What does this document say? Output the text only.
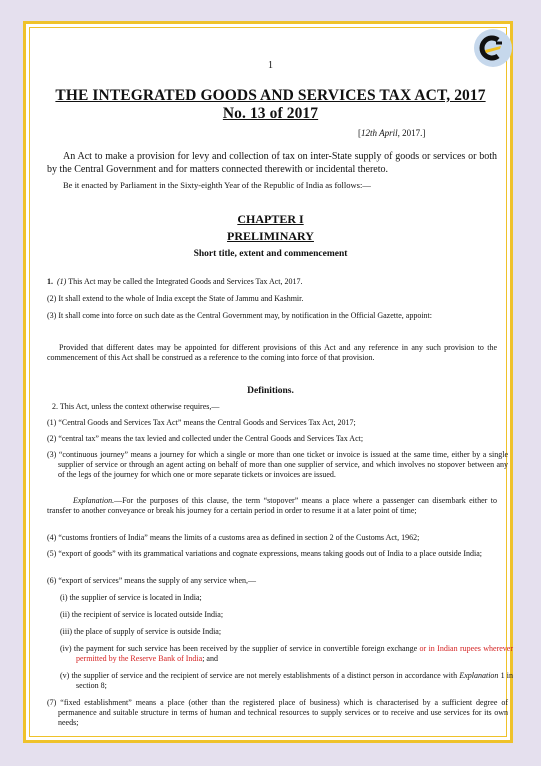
1
THE INTEGRATED GOODS AND SERVICES TAX ACT, 2017
No. 13 of 2017
[12th April, 2017.]
An Act to make a provision for levy and collection of tax on inter-State supply of goods or services or both by the Central Government and for matters connected therewith or incidental thereto.
Be it enacted by Parliament in the Sixty-eighth Year of the Republic of India as follows:—
CHAPTER I
PRELIMINARY
Short title, extent and commencement
1. (1) This Act may be called the Integrated Goods and Services Tax Act, 2017.
(2) It shall extend to the whole of India except the State of Jammu and Kashmir.
(3) It shall come into force on such date as the Central Government may, by notification in the Official Gazette, appoint:
Provided that different dates may be appointed for different provisions of this Act and any reference in any such provision to the commencement of this Act shall be construed as a reference to the coming into force of that provision.
Definitions.
2. This Act, unless the context otherwise requires,—
(1) “Central Goods and Services Tax Act” means the Central Goods and Services Tax Act, 2017;
(2) “central tax” means the tax levied and collected under the Central Goods and Services Tax Act;
(3) “continuous journey” means a journey for which a single or more than one ticket or invoice is issued at the same time, either by a single supplier of service or through an agent acting on behalf of more than one supplier of service, and which involves no stopover between any of the legs of the journey for which one or more separate tickets or invoices are issued.
Explanation.—For the purposes of this clause, the term “stopover” means a place where a passenger can disembark either to transfer to another conveyance or break his journey for a certain period in order to resume it at a later point of time;
(4) “customs frontiers of India” means the limits of a customs area as defined in section 2 of the Customs Act, 1962;
(5) “export of goods” with its grammatical variations and cognate expressions, means taking goods out of India to a place outside India;
(6) “export of services” means the supply of any service when,—
(i) the supplier of service is located in India;
(ii) the recipient of service is located outside India;
(iii) the place of supply of service is outside India;
(iv) the payment for such service has been received by the supplier of service in convertible foreign exchange or in Indian rupees wherever permitted by the Reserve Bank of India; and
(v) the supplier of service and the recipient of service are not merely establishments of a distinct person in accordance with Explanation 1 in section 8;
(7) “fixed establishment” means a place (other than the registered place of business) which is characterised by a sufficient degree of permanence and suitable structure in terms of human and technical resources to supply services or to receive and use services for its own needs;
